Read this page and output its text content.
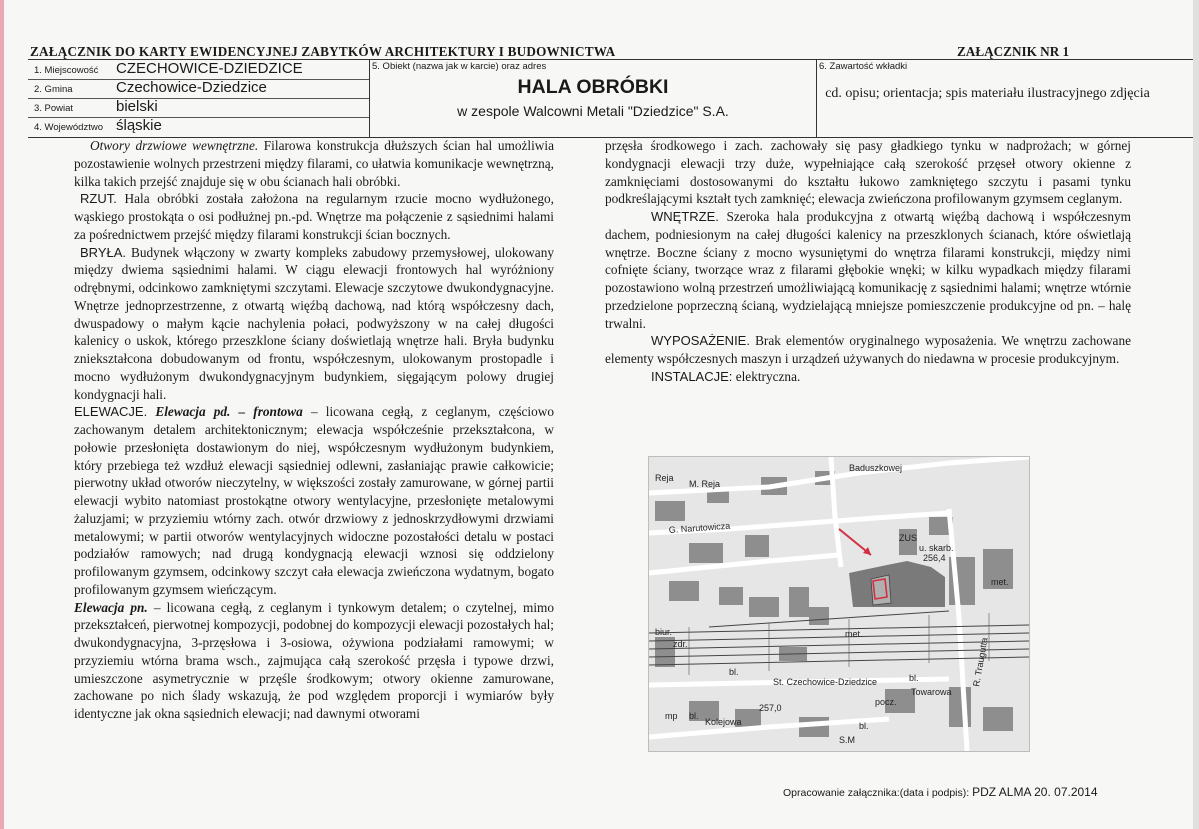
ZAŁĄCZNIK DO KARTY EWIDENCYJNEJ ZABYTKÓW ARCHITEKTURY I BUDOWNICTWA	ZAŁĄCZNIK NR 1
1. Miejscowość CZECHOWICE-DZIEDZICE
2. Gmina	Czechowice-Dziedzice
3. Powiat	bielski
4. Województwo śląskie
5. Obiekt (nazwa jak w karcie) oraz adres
HALA OBRÓBKI
w zespole Walcowni Metali "Dziedzice" S.A.
6. Zawartość wkładki
cd. opisu; orientacja; spis materiału ilustracyjnego zdjęcia

Otwory drzwiowe wewnętrzne. Filarowa konstrukcja dłuższych ścian hal umożliwia pozostawienie wolnych przestrzeni między filarami, co ułatwia komunikacje wewnętrzną, kilka takich przejść znajduje się w obu ścianach hali obróbki.

RZUT. Hala obróbki została założona na regularnym rzucie mocno wydłużonego, wąskiego prostokąta o osi podłużnej pn.-pd. Wnętrze ma połączenie z sąsiednimi halami za pośrednictwem przejść między filarami konstrukcji ścian bocznych.

BRYŁA. Budynek włączony w zwarty kompleks zabudowy przemysłowej, ulokowany między dwiema sąsiednimi halami. W ciągu elewacji frontowych hal wyróżniony odrębnymi, odcinkowo zamkniętymi szczytami. Elewacje szczytowe dwukondygnacyjne. Wnętrze jednoprzestrzenne, z otwartą więźbą dachową, nad którą współczesny dach, dwuspadowy o małym kącie nachylenia połaci, podwyższony w na całej długości kalenicy o uskok, którego przeszklone ściany doświetlają wnętrze hali. Bryła budynku zniekształcona dobudowanym od frontu, współczesnym, ulokowanym prostopadle i mocno wydłużonym dwukondygnacyjnym budynkiem, sięgającym polowy drugiej kondygnacji hali.

ELEWACJE. Elewacja pd. – frontowa – licowana cegłą, z ceglanym, częściowo zachowanym detalem architektonicznym; elewacja współcześnie przekształcona, w połowie przesłonięta dostawionym do niej, współczesnym wydłużonym budynkiem, który przebiega też wzdłuż elewacji sąsiedniej odlewni, zasłaniając prawie całkowicie; pierwotny układ otworów nieczytelny, w większości zostały zamurowane, w górnej partii elewacji wybito natomiast prostokątne otwory wentylacyjne, przesłonięte metalowymi żaluzjami; w przyziemiu wtórny zach. otwór drzwiowy z jednoskrzydłowymi drzwiami metalowymi; w partii otworów wentylacyjnych widoczne pozostałości detalu w postaci podziałów ramowych; nad drugą kondygnacją elewacji wznosi się oddzielony profilowanym gzymsem, odcinkowy szczyt cała elewacja zwieńczona wydatnym, bogato profilowanym gzymsem wieńczącym.

Elewacja pn. – licowana cegłą, z ceglanym i tynkowym detalem; o czytelnej, mimo przekształceń, pierwotnej kompozycji, podobnej do kompozycji elewacji pozostałych hal; dwukondygnacyjna, 3-przęsłowa i 3-osiowa, ożywiona podziałami ramowymi; w przyziemiu wtórna brama wsch., zajmująca całą szerokość przęsła i typowe drzwi, umieszczone asymetrycznie w przęśle środkowym; otwory okienne zamurowane, zachowane po nich ślady wskazują, że pod względem proporcji i wymiarów były identyczne jak okna sąsiednich elewacji; nad dawnymi otworami

przęsła środkowego i zach. zachowały się pasy gładkiego tynku w nadprożach; w górnej kondygnacji elewacji trzy duże, wypełniające całą szerokość przęseł otwory okienne z zamknięciami dostosowanymi do kształtu łukowo zamkniętego szczytu i pasami tynku podkreślającymi kształt tych zamknięć; elewacja zwieńczona profilowanym gzymsem ceglanym.

WNĘTRZE. Szeroka hala produkcyjna z otwartą więźbą dachową i współczesnym dachem, podniesionym na całej długości kalenicy na przeszklonych ścianach, które oświetlają wnętrze. Boczne ściany z mocno wysuniętymi do wnętrza filarami konstrukcji, między nimi cofnięte ściany, tworzące wraz z filarami głębokie wnęki; w kilku wypadkach między filarami pozostawiono wolną przestrzeń umożliwiającą komunikację z sąsiednimi halami; wnętrze wtórnie przedzielone poprzeczną ścianą, wydzielającą mniejsze pomieszczenie produkcyjne od pn. – halę trwalni.

WYPOSAŻENIE. Brak elementów oryginalnego wyposażenia. We wnętrzu zachowane elementy współczesnych maszyn i urządzeń używanych do niedawna w procesie produkcyjnym.

INSTALACJE: elektryczna.

Baduszkowej
Reja
M. Reja
G. Narutowicza
ZUS
u. skarb.
256,4
met.
met.
biur.
zdr.
St. Czechowice-Dziedzice
Towarowa
257,0
Kolejowa
bl.
bl.
mp bl.
bl.
pocz.
R. Traugutta
S.M
Opracowanie załącznika:(data i podpis): PDZ ALMA 20. 07.2014
